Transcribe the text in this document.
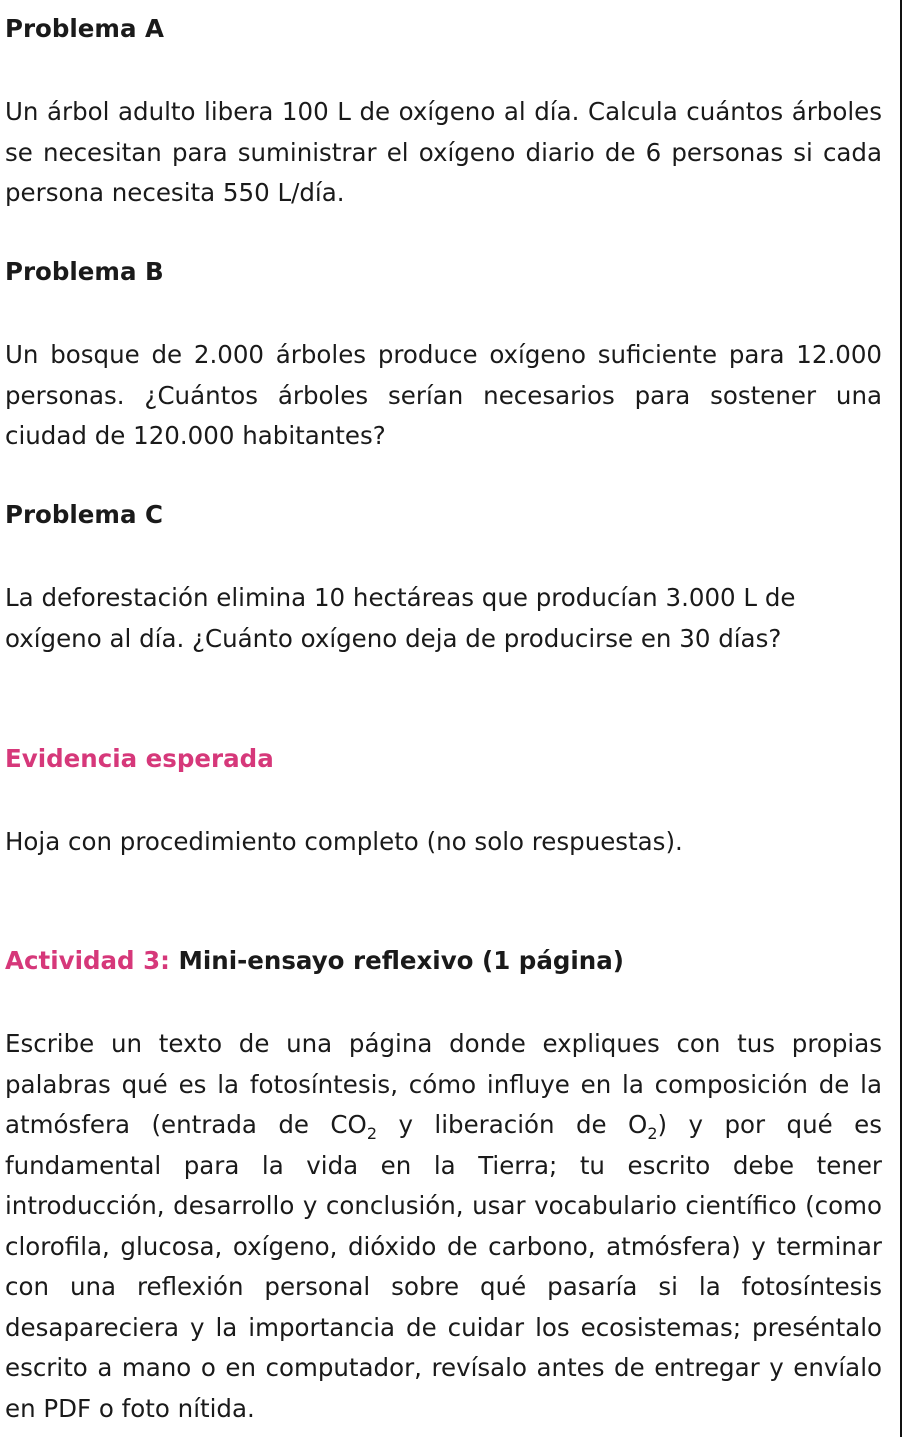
Problema A

Un árbol adulto libera 100 L de oxígeno al día. Calcula cuántos árboles se necesitan para suministrar el oxígeno diario de 6 personas si cada persona necesita 550 L/día.

Problema B

Un bosque de 2.000 árboles produce oxígeno suficiente para 12.000 personas. ¿Cuántos árboles serían necesarios para sostener una ciudad de 120.000 habitantes?

Problema C

La deforestación elimina 10 hectáreas que producían 3.000 L de oxígeno al día. ¿Cuánto oxígeno deja de producirse en 30 días?

Evidencia esperada

Hoja con procedimiento completo (no solo respuestas).

Actividad 3: Mini-ensayo reflexivo (1 página)

Escribe un texto de una página donde expliques con tus propias palabras qué es la fotosíntesis, cómo influye en la composición de la atmósfera (entrada de $CO_2$ y liberación de $O_2$) y por qué es fundamental para la vida en la Tierra; tu escrito debe tener introducción, desarrollo y conclusión, usar vocabulario científico (como clorofila, glucosa, oxígeno, dióxido de carbono, atmósfera) y terminar con una reflexión personal sobre qué pasaría si la fotosíntesis desapareciera y la importancia de cuidar los ecosistemas; preséntalo escrito a mano o en computador, revísalo antes de entregar y envíalo en PDF o foto nítida.
